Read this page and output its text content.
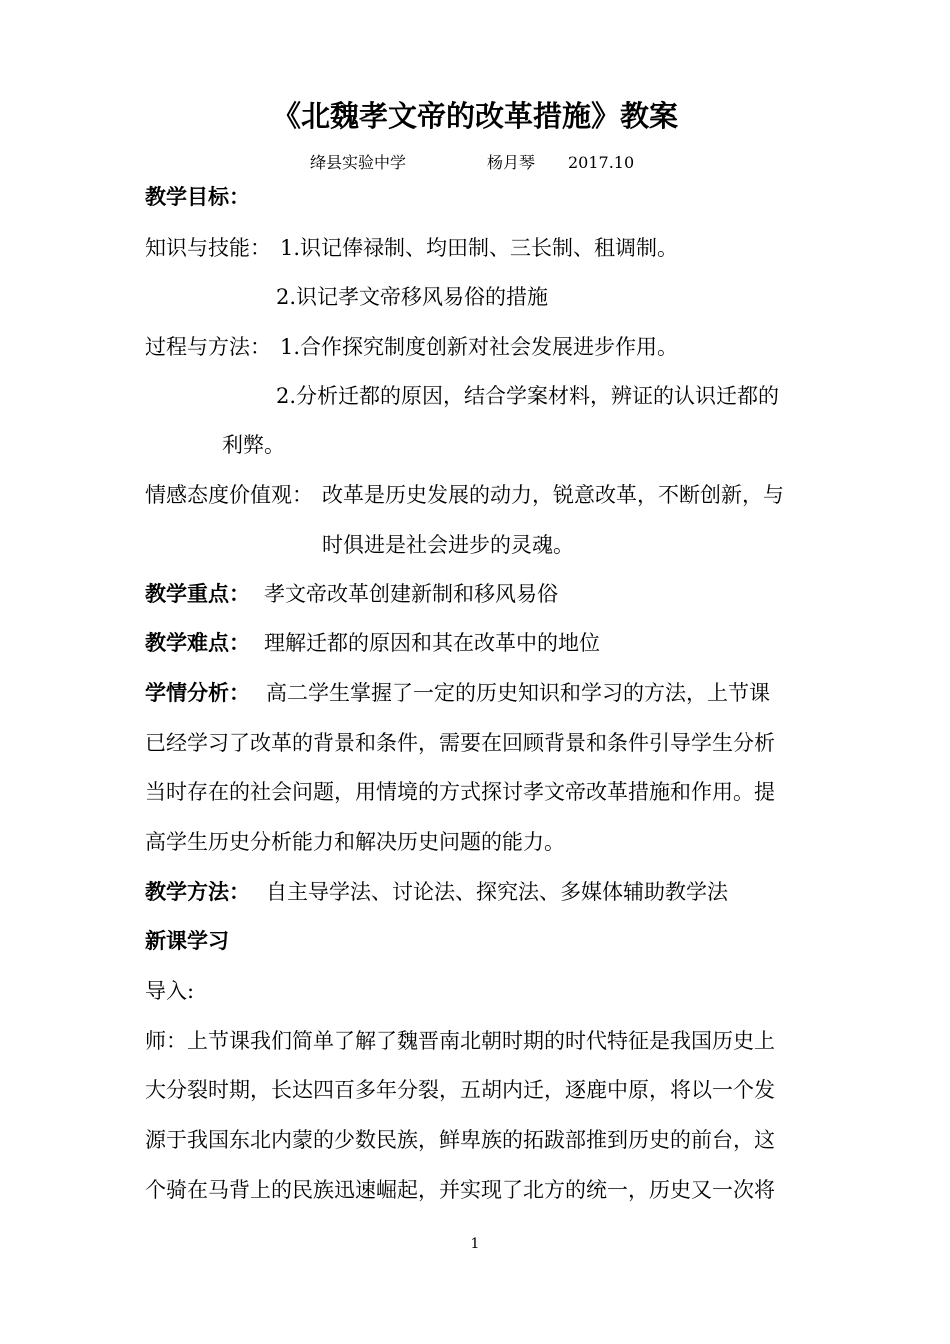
《北魏孝文帝的改革措施》教案
绛县实验中学	杨月琴 2017.10
教学目标：
知识与技能： 1.识记俸禄制、均田制、三长制、租调制。
2.识记孝文帝移风易俗的措施
过程与方法： 1.合作探究制度创新对社会发展进步作用。
2.分析迁都的原因，结合学案材料，辨证的认识迁都的
利弊。
情感态度价值观： 改革是历史发展的动力，锐意改革，不断创新，与
时俱进是社会进步的灵魂。
教学重点： 孝文帝改革创建新制和移风易俗
教学难点： 理解迁都的原因和其在改革中的地位
学情分析： 高二学生掌握了一定的历史知识和学习的方法，上节课
已经学习了改革的背景和条件，需要在回顾背景和条件引导学生分析
当时存在的社会问题，用情境的方式探讨孝文帝改革措施和作用。提
高学生历史分析能力和解决历史问题的能力。
教学方法： 自主导学法、讨论法、探究法、多媒体辅助教学法
新课学习
导入:
师：上节课我们简单了解了魏晋南北朝时期的时代特征是我国历史上
大分裂时期，长达四百多年分裂，五胡内迁，逐鹿中原，将以一个发
源于我国东北内蒙的少数民族，鲜卑族的拓跋部推到历史的前台，这
个骑在马背上的民族迅速崛起，并实现了北方的统一，历史又一次将
1
